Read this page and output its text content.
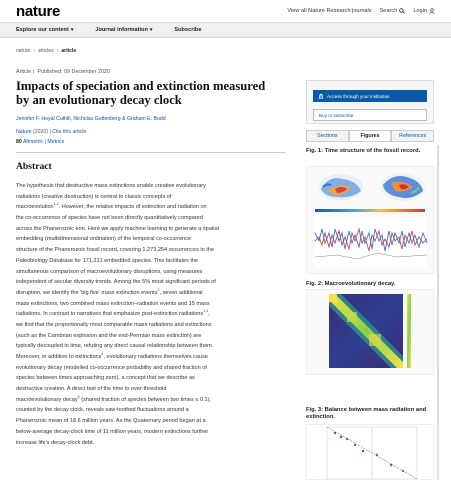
nature	View all Nature Research journals Search	Login
Explore our content ▾	Journal information ▾	Subscribe
nature › articles › article
Article | Published: 09 December 2020
Impacts of speciation and extinction measured by an evolutionary decay clock
Jennifer F. Hoyal Cuthill, Nicholas Guttenberg & Graham E. Budd
Nature (2020) | Cite this article
80 Altmetric | Metrics
Abstract
The hypothesis that destructive mass extinctions enable creative evolutionary
radiations (creative destruction) is central to classic concepts of
macroevolution$^{1,2}$. However, the relative impacts of extinction and radiation on
the co-occurrence of species have not been directly quantitatively compared
across the Phanerozoic eon. Here we apply machine learning to generate a spatial
embedding (multidimensional ordination) of the temporal co-occurrence
structure of the Phanerozoic fossil record, covering 1,273,254 occurrences in the
Paleobiology Database for 171,231 embedded species. This facilitates the
simultaneous comparison of macroevolutionary disruptions, using measures
independent of secular diversity trends. Among the 5% most significant periods of
disruption, we identify the 'big five' mass extinction events$^3$, seven additional
mass extinctions, two combined mass extinction–radiation events and 15 mass
radiations. In contrast to narratives that emphasize post-extinction radiations$^{1,3}$,
we find that the proportionally most comparable mass radiations and extinctions
(such as the Cambrian explosion and the end-Permian mass extinction) are
typically decoupled in time, refuting any direct causal relationship between them.
Moreover, in addition to extinctions$^4$, evolutionary radiations themselves cause
evolutionary decay (modelled co-occurrence probability and shared fraction of
species between times approaching zero), a concept that we describe as
destructive creation. A direct test of the time to over-threshold
macroevolutionary decay$^5$ (shared fraction of species between two times ≤ 0.1),
counted by the decay clock, reveals saw-toothed fluctuations around a
Phanerozoic mean of 18.6 million years. As the Quaternary period began at a
below-average decay-clock time of 11 million years, modern extinctions further
increase life's decay-clock debt.
Access through your institution
Buy or subscribe
Sections	Figures	References
Fig. 1: Time structure of the fossil record.
Fig. 2: Macroevolutionary decay.
Fig. 3: Balance between mass radiation and extinction.
